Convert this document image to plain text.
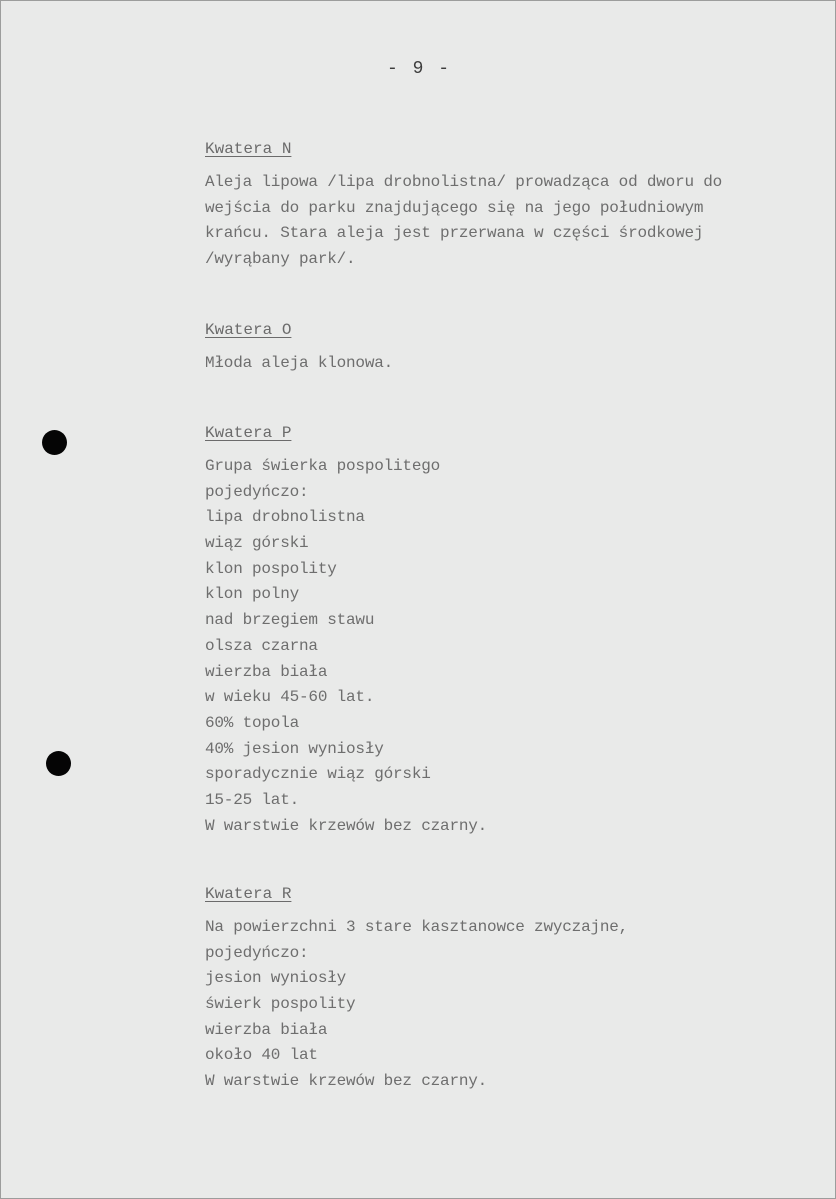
- 9 -
Kwatera N
Aleja lipowa /lipa drobnolistna/ prowadząca od dworu do
wejścia do parku znajdującego się na jego południowym
krańcu. Stara aleja jest przerwana w części środkowej
/wyrąbany park/.
Kwatera O
Młoda aleja klonowa.
Kwatera P
Grupa świerka pospolitego
pojedyńczo:
lipa drobnolistna
wiąz górski
klon pospolity
klon polny
nad brzegiem stawu
olsza czarna
wierzba biała
w wieku 45-60 lat.
60% topola
40% jesion wyniosły
sporadycznie wiąz górski
15-25 lat.
W warstwie krzewów bez czarny.
Kwatera R
Na powierzchni 3 stare kasztanowce zwyczajne,
pojedyńczo:
jesion wyniosły
świerk pospolity
wierzba biała
około 40 lat
W warstwie krzewów bez czarny.
